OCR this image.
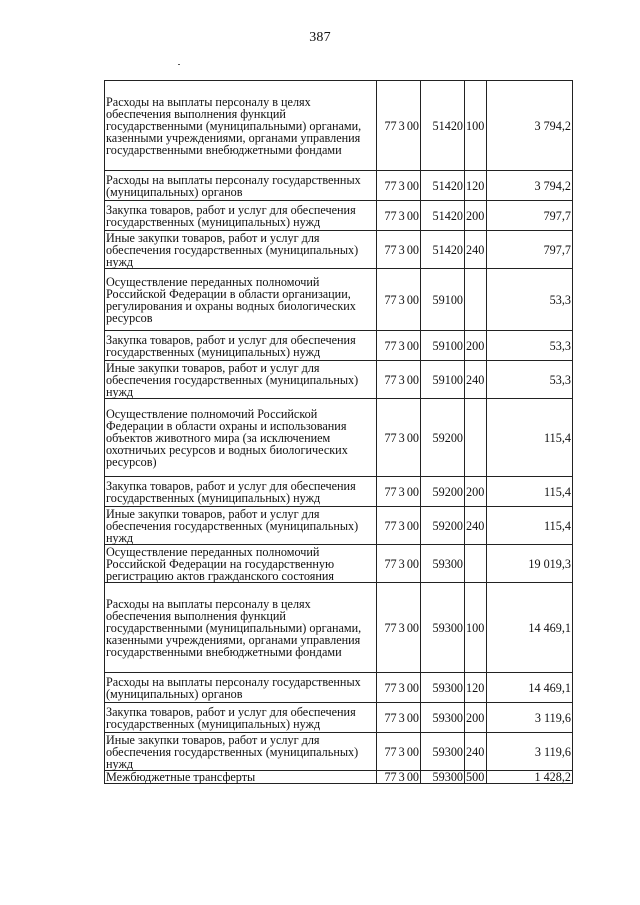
387
Расходы на выплаты персоналу в целях обеспечения выполнения функций государственными (муниципальными) органами, казенными учреждениями, органами управления государственными внебюджетными фондами	77 3 00	51420	100	3 794,2
Расходы на выплаты персоналу государственных (муниципальных) органов	77 3 00	51420	120	3 794,2
Закупка товаров, работ и услуг для обеспечения государственных (муниципальных) нужд	77 3 00	51420	200	797,7
Иные закупки товаров, работ и услуг для обеспечения государственных (муниципальных) нужд	77 3 00	51420	240	797,7
Осуществление переданных полномочий Российской Федерации в области организации, регулирования и охраны водных биологических ресурсов	77 3 00	59100		53,3
Закупка товаров, работ и услуг для обеспечения государственных (муниципальных) нужд	77 3 00	59100	200	53,3
Иные закупки товаров, работ и услуг для обеспечения государственных (муниципальных) нужд	77 3 00	59100	240	53,3
Осуществление полномочий Российской Федерации в области охраны и использования объектов животного мира (за исключением охотничьих ресурсов и водных биологических ресурсов)	77 3 00	59200		115,4
Закупка товаров, работ и услуг для обеспечения государственных (муниципальных) нужд	77 3 00	59200	200	115,4
Иные закупки товаров, работ и услуг для обеспечения государственных (муниципальных) нужд	77 3 00	59200	240	115,4
Осуществление переданных полномочий Российской Федерации на государственную регистрацию актов гражданского состояния	77 3 00	59300		19 019,3
Расходы на выплаты персоналу в целях обеспечения выполнения функций государственными (муниципальными) органами, казенными учреждениями, органами управления государственными внебюджетными фондами	77 3 00	59300	100	14 469,1
Расходы на выплаты персоналу государственных (муниципальных) органов	77 3 00	59300	120	14 469,1
Закупка товаров, работ и услуг для обеспечения государственных (муниципальных) нужд	77 3 00	59300	200	3 119,6
Иные закупки товаров, работ и услуг для обеспечения государственных (муниципальных) нужд	77 3 00	59300	240	3 119,6
Межбюджетные трансферты	77 3 00	59300	500	1 428,2
